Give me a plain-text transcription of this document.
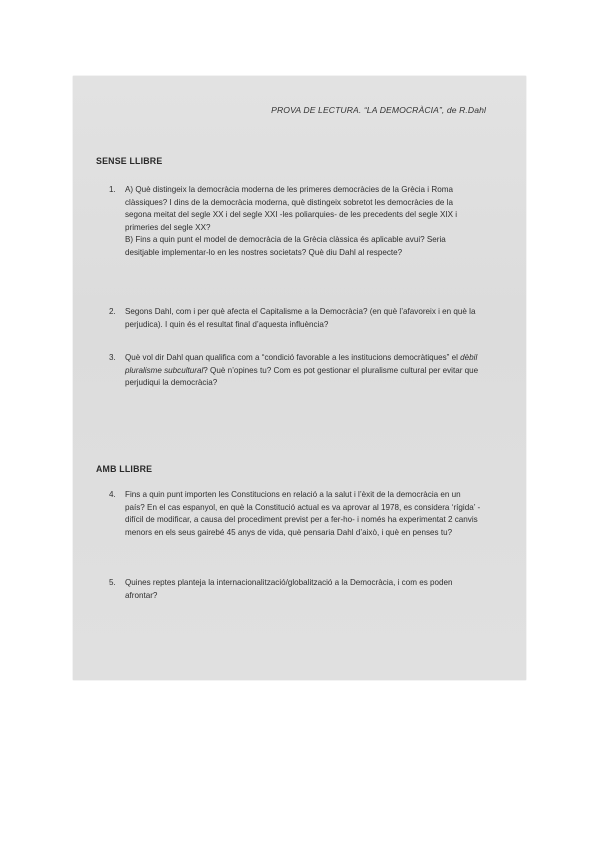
PROVA DE LECTURA. “LA DEMOCRÀCIA”, de R.Dahl
SENSE LLIBRE
1. A) Què distingeix la democràcia moderna de les primeres democràcies de la Grècia i Roma clàssiques? I dins de la democràcia moderna, què distingeix sobretot les democràcies de la segona meitat del segle XX i del segle XXI -les poliarquies- de les precedents del segle XIX i primeries del segle XX?

B) Fins a quin punt el model de democràcia de la Grècia clàssica és aplicable avui? Seria desitjable implementar-lo en les nostres societats? Què diu Dahl al respecte?

2. Segons Dahl, com i per què afecta el Capitalisme a la Democràcia? (en què l’afavoreix i en què la perjudica). I quin és el resultat final d’aquesta influència?

3. Què vol dir Dahl quan qualifica com a “condició favorable a les institucions democràtiques” el dèbil pluralisme subcultural? Què n’opines tu? Com es pot gestionar el pluralisme cultural per evitar que perjudiqui la democràcia?

AMB LLIBRE
4. Fins a quin punt importen les Constitucions en relació a la salut i l’èxit de la democràcia en un país? En el cas espanyol, en què la Constitució actual es va aprovar al 1978, es considera ‘rígida’ -difícil de modificar, a causa del procediment previst per a fer-ho- i només ha experimentat 2 canvis menors en els seus gairebé 45 anys de vida, què pensaria Dahl d’això, i què en penses tu?

5. Quines reptes planteja la internacionalització/globalització a la Democràcia, i com es poden afrontar?
